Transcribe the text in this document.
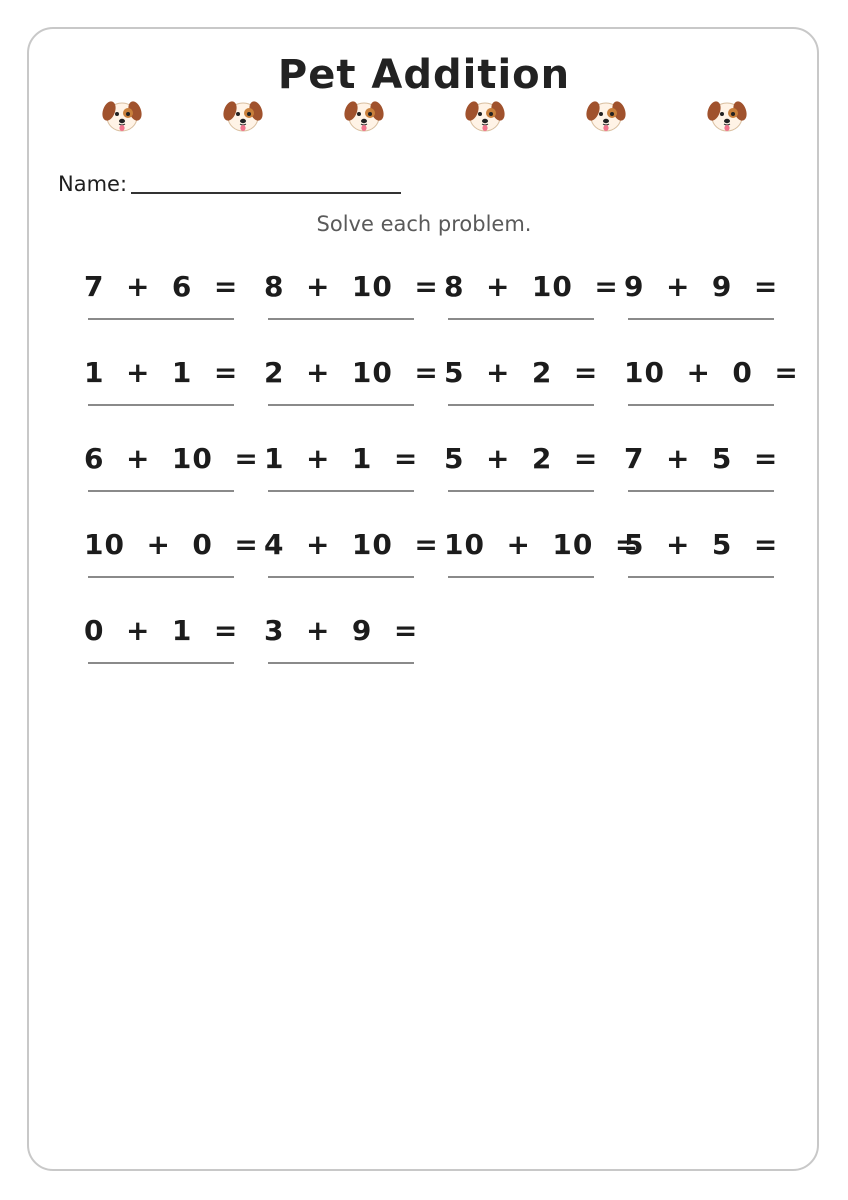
Pet Addition
Name:
Solve each problem.
7  +  6  = 8  +  10  = 8  +  10  = 9  +  9  =
1  +  1  = 2  +  10  = 5  +  2  = 10  +  0  =
6  +  10  = 1  +  1  = 5  +  2  = 7  +  5  =
10  +  0  = 4  +  10  = 10  +  10  =
5  +  5  =
0  +  1  = 3  +  9  =
